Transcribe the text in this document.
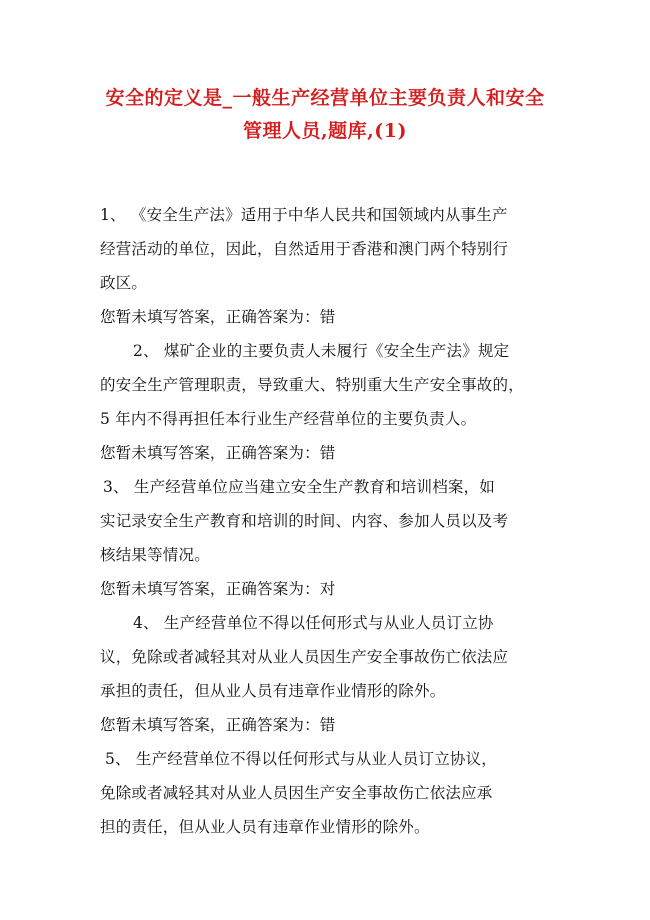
安全的定义是_一般生产经营单位主要负责人和安全
管理人员,题库,(1)
1、 《安全生产法》适用于中华人民共和国领域内从事生产
经营活动的单位，因此，自然适用于香港和澳门两个特别行
政区。
您暂未填写答案，正确答案为：错
2、 煤矿企业的主要负责人未履行《安全生产法》规定
的安全生产管理职责，导致重大、特别重大生产安全事故的，
5 年内不得再担任本行业生产经营单位的主要负责人。
您暂未填写答案，正确答案为：错
3、 生产经营单位应当建立安全生产教育和培训档案，如
实记录安全生产教育和培训的时间、内容、参加人员以及考
核结果等情况。
您暂未填写答案，正确答案为：对
4、 生产经营单位不得以任何形式与从业人员订立协
议，免除或者减轻其对从业人员因生产安全事故伤亡依法应
承担的责任，但从业人员有违章作业情形的除外。
您暂未填写答案，正确答案为：错
5、 生产经营单位不得以任何形式与从业人员订立协议，
免除或者减轻其对从业人员因生产安全事故伤亡依法应承
担的责任，但从业人员有违章作业情形的除外。
